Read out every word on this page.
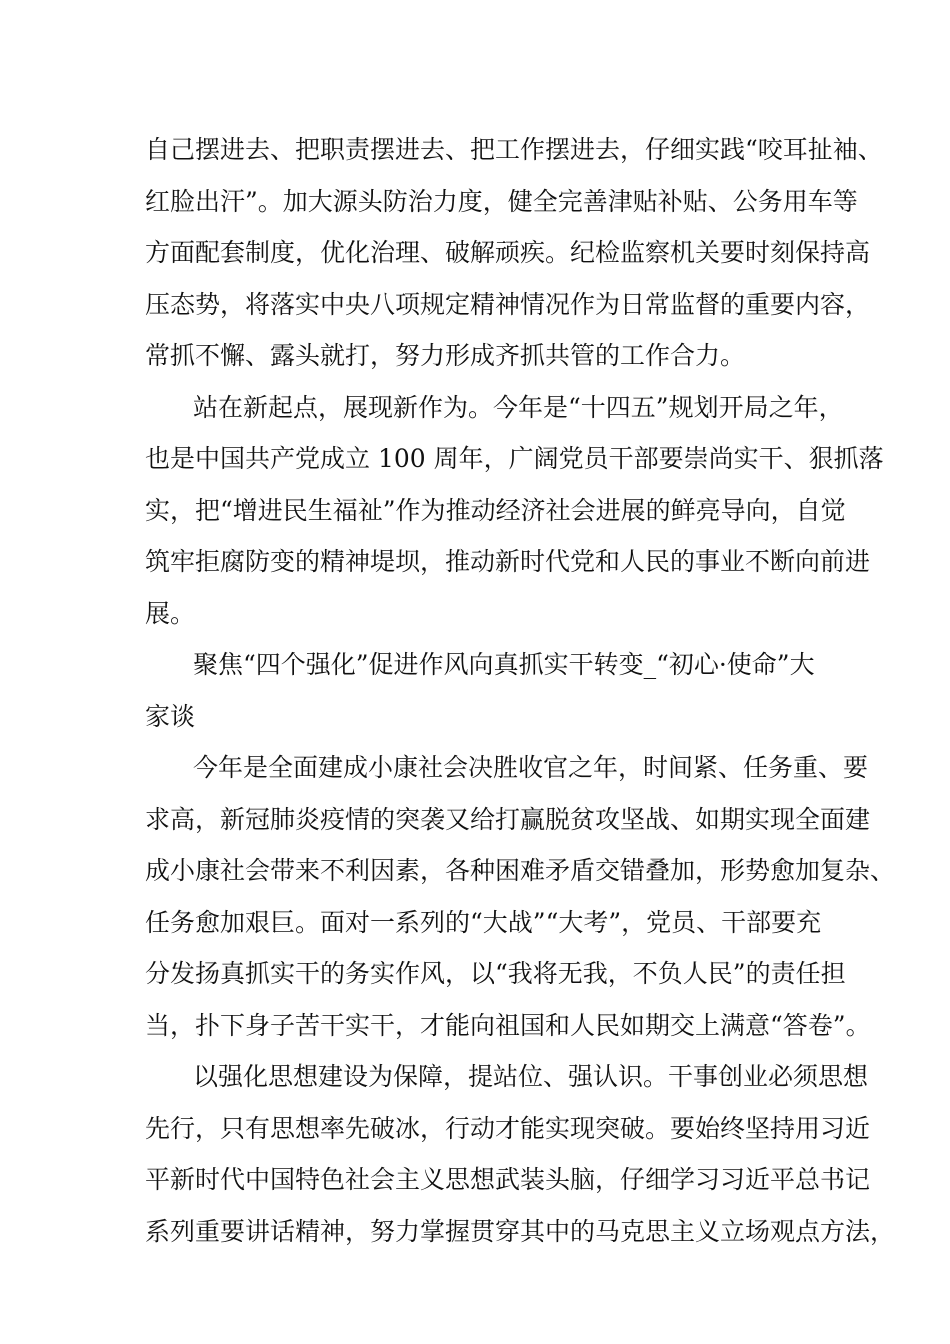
自己摆进去、把职责摆进去、把工作摆进去，仔细实践“咬耳扯袖、
红脸出汗”。加大源头防治力度，健全完善津贴补贴、公务用车等
方面配套制度，优化治理、破解顽疾。纪检监察机关要时刻保持高
压态势，将落实中央八项规定精神情况作为日常监督的重要内容，
常抓不懈、露头就打，努力形成齐抓共管的工作合力。
站在新起点，展现新作为。今年是“十四五”规划开局之年，
也是中国共产党成立 100 周年，广阔党员干部要崇尚实干、狠抓落
实，把“增进民生福祉”作为推动经济社会进展的鲜亮导向，自觉
筑牢拒腐防变的精神堤坝，推动新时代党和人民的事业不断向前进
展。
聚焦“四个强化”促进作风向真抓实干转变_“初心·使命”大
家谈
今年是全面建成小康社会决胜收官之年，时间紧、任务重、要
求高，新冠肺炎疫情的突袭又给打赢脱贫攻坚战、如期实现全面建
成小康社会带来不利因素，各种困难矛盾交错叠加，形势愈加复杂、
任务愈加艰巨。面对一系列的“大战”“大考”，党员、干部要充
分发扬真抓实干的务实作风，以“我将无我，不负人民”的责任担
当，扑下身子苦干实干，才能向祖国和人民如期交上满意“答卷”。
以强化思想建设为保障，提站位、强认识。干事创业必须思想
先行，只有思想率先破冰，行动才能实现突破。要始终坚持用习近
平新时代中国特色社会主义思想武装头脑，仔细学习习近平总书记
系列重要讲话精神，努力掌握贯穿其中的马克思主义立场观点方法，
